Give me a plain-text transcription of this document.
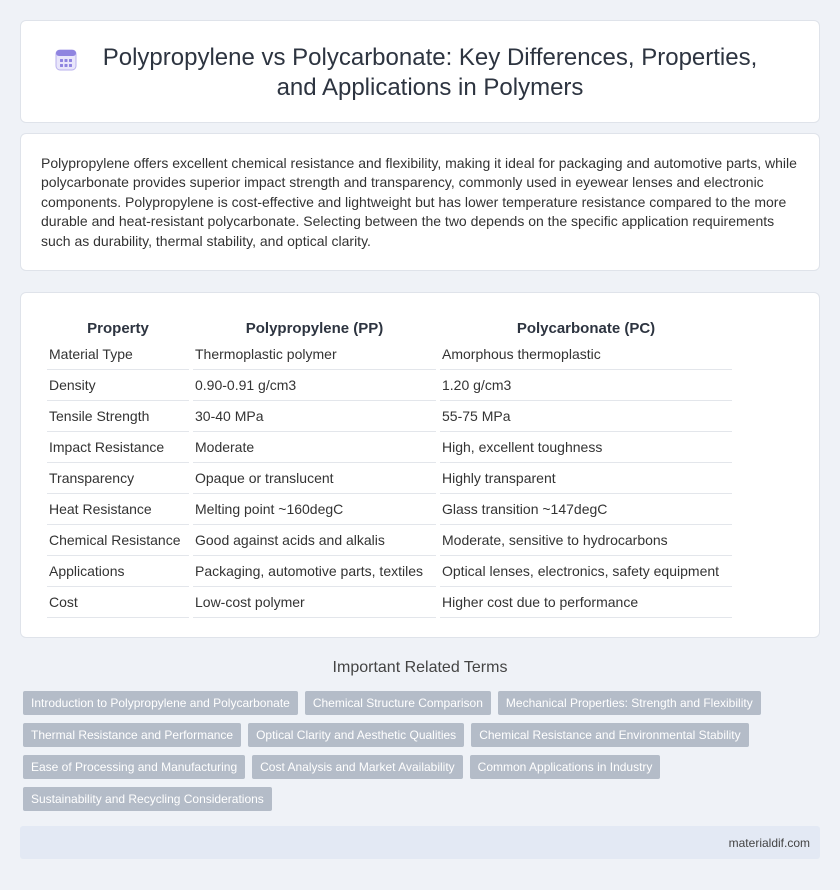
Polypropylene vs Polycarbonate: Key Differences, Properties, and Applications in Polymers

Polypropylene offers excellent chemical resistance and flexibility, making it ideal for packaging and automotive parts, while polycarbonate provides superior impact strength and transparency, commonly used in eyewear lenses and electronic components. Polypropylene is cost-effective and lightweight but has lower temperature resistance compared to the more durable and heat-resistant polycarbonate. Selecting between the two depends on the specific application requirements such as durability, thermal stability, and optical clarity.

Property	Polypropylene (PP)	Polycarbonate (PC)
Material Type	Thermoplastic polymer	Amorphous thermoplastic
Density	0.90-0.91 g/cm3	1.20 g/cm3
Tensile Strength	30-40 MPa	55-75 MPa
Impact Resistance	Moderate	High, excellent toughness
Transparency	Opaque or translucent	Highly transparent
Heat Resistance	Melting point ~160degC	Glass transition ~147degC
Chemical Resistance	Good against acids and alkalis	Moderate, sensitive to hydrocarbons
Applications	Packaging, automotive parts, textiles	Optical lenses, electronics, safety equipment
Cost	Low-cost polymer	Higher cost due to performance
Important Related Terms
Introduction to Polypropylene and Polycarbonate	Chemical Structure Comparison	Mechanical Properties: Strength and Flexibility
Thermal Resistance and Performance	Optical Clarity and Aesthetic Qualities	Chemical Resistance and Environmental Stability
Ease of Processing and Manufacturing	Cost Analysis and Market Availability	Common Applications in Industry
Sustainability and Recycling Considerations
materialdif.com
